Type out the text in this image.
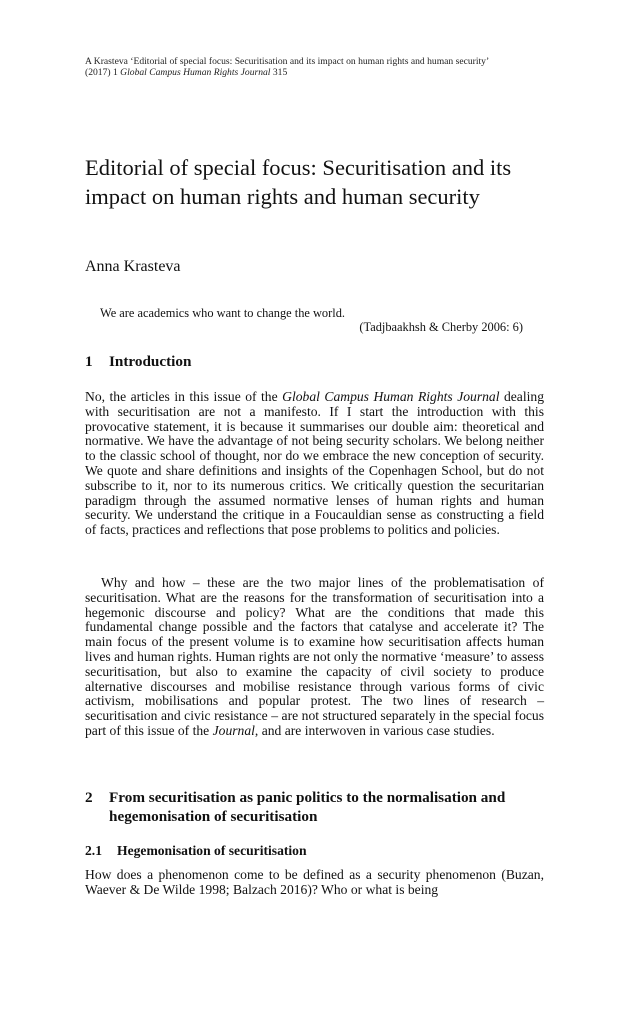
A Krasteva ‘Editorial of special focus: Securitisation and its impact on human rights and human security’
(2017) 1 Global Campus Human Rights Journal 315
Editorial of special focus: Securitisation and its impact on human rights and human security
Anna Krasteva
We are academics who want to change the world.
(Tadjbaakhsh & Cherby 2006: 6)
1 Introduction

No, the articles in this issue of the Global Campus Human Rights Journal dealing with securitisation are not a manifesto. If I start the introduction with this provocative statement, it is because it summarises our double aim: theoretical and normative. We have the advantage of not being security scholars. We belong neither to the classic school of thought, nor do we embrace the new conception of security. We quote and share definitions and insights of the Copenhagen School, but do not subscribe to it, nor to its numerous critics. We critically question the securitarian paradigm through the assumed normative lenses of human rights and human security. We understand the critique in a Foucauldian sense as constructing a field of facts, practices and reflections that pose problems to politics and policies.

Why and how – these are the two major lines of the problematisation of securitisation. What are the reasons for the transformation of securitisation into a hegemonic discourse and policy? What are the conditions that made this fundamental change possible and the factors that catalyse and accelerate it? The main focus of the present volume is to examine how securitisation affects human lives and human rights. Human rights are not only the normative ‘measure’ to assess securitisation, but also to examine the capacity of civil society to produce alternative discourses and mobilise resistance through various forms of civic activism, mobilisations and popular protest. The two lines of research – securitisation and civic resistance – are not structured separately in the special focus part of this issue of the Journal, and are interwoven in various case studies.

2 From securitisation as panic politics to the normalisation and hegemonisation of securitisation
2.1 Hegemonisation of securitisation

How does a phenomenon come to be defined as a security phenomenon (Buzan, Waever & De Wilde 1998; Balzach 2016)? Who or what is being
